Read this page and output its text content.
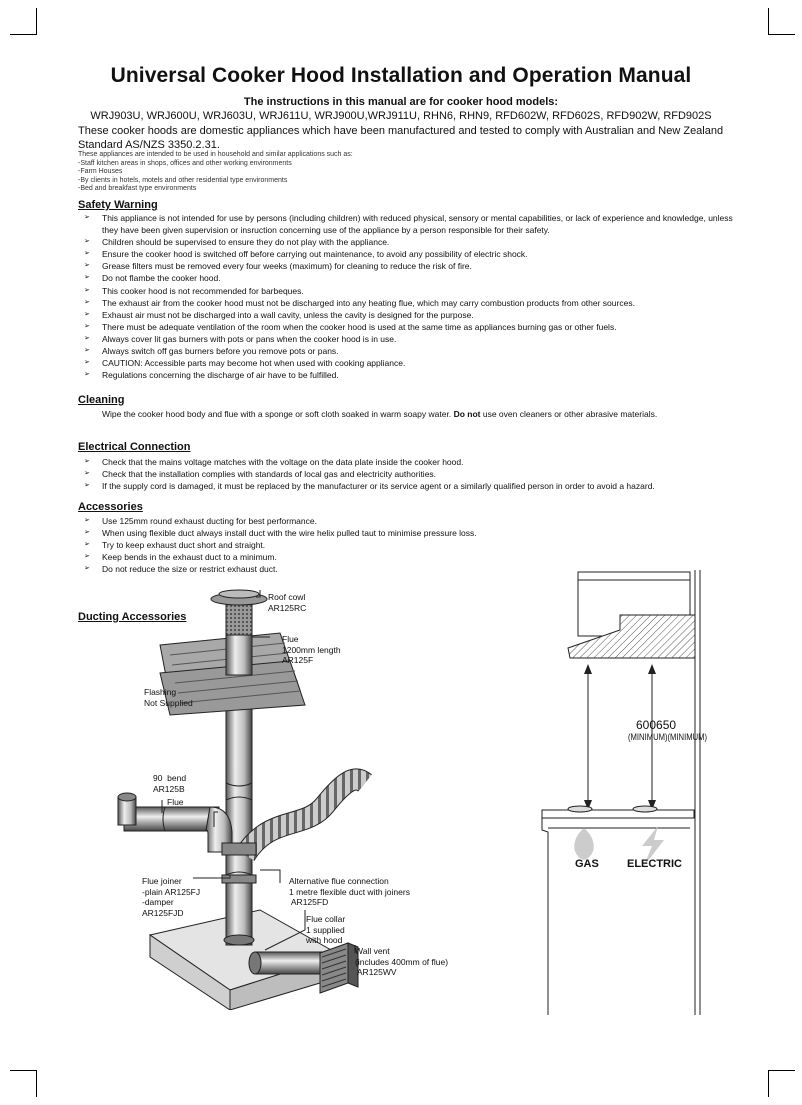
Universal Cooker Hood Installation and Operation Manual
The instructions in this manual are for cooker hood models:
WRJ903U, WRJ600U, WRJ603U, WRJ611U, WRJ900U,WRJ911U, RHN6, RHN9, RFD602W, RFD602S, RFD902W, RFD902S
These cooker hoods are domestic appliances which have been manufactured and tested to comply with Australian and New Zealand Standard AS/NZS 3350.2.31.
These appliances are intended to be used in household and similar applications such as:
-Staff kitchen areas in shops, offices and other working environments
-Farm Houses
-By clients in hotels, motels and other residential type environments
-Bed and breakfast type environments
Safety Warning
➢ This appliance is not intended for use by persons (including children) with reduced physical, sensory or mental capabilities, or lack of experience and knowledge, unless they have been given supervision or insruction concerning use of the appliance by a person responsible for their safety.
➢ Children should be supervised to ensure they do not play with the appliance.
➢ Ensure the cooker hood is switched off before carrying out maintenance, to avoid any possibility of electric shock.
➢ Grease filters must be removed every four weeks (maximum) for cleaning to reduce the risk of fire.
➢ Do not flambe the cooker hood.
➢ This cooker hood is not recommended for barbeques.
➢ The exhaust air from the cooker hood must not be discharged into any heating flue, which may carry combustion products from other sources.
➢ Exhaust air must not be discharged into a wall cavity, unless the cavity is designed for the purpose.
➢ There must be adequate ventilation of the room when the cooker hood is used at the same time as appliances burning gas or other fuels.
➢ Always cover lit gas burners with pots or pans when the cooker hood is in use.
➢ Always switch off gas burners before you remove pots or pans.
➢ CAUTION: Accessible parts may become hot when used with cooking appliance.
➢ Regulations concerning the discharge of air have to be fulfilled.
Cleaning
Wipe the cooker hood body and flue with a sponge or soft cloth soaked in warm soapy water. Do not use oven cleaners or other abrasive materials.
Electrical Connection
➢ Check that the mains voltage matches with the voltage on the data plate inside the cooker hood.
➢ Check that the installation complies with standards of local gas and electricity authorities.
➢ If the supply cord is damaged, it must be replaced by the manufacturer or its service agent or a similarly qualified person in order to avoid a hazard.
Accessories
➢ Use 125mm round exhaust ducting for best performance.
➢ When using flexible duct always install duct with the wire helix pulled taut to minimise pressure loss.
➢ Try to keep exhaust duct short and straight.
➢ Keep bends in the exhaust duct to a minimum.
➢ Do not reduce the size or restrict exhaust duct.
Ducting Accessories
Roof cowl
AR125RC
Flue
1200mm length
AR125F
Flashing
Not Supplied
90  bend
AR125B
Flue
Flue joiner
-plain AR125FJ
-damper
AR125FJD
Alternative flue connection
1 metre flexible duct with joiners
AR125FD
Flue collar
1 supplied
with hood
Wall vent
(includes 400mm of flue)
AR125WV
600650
(MINIMUM)(MINIMUM)
GAS	ELECTRIC
